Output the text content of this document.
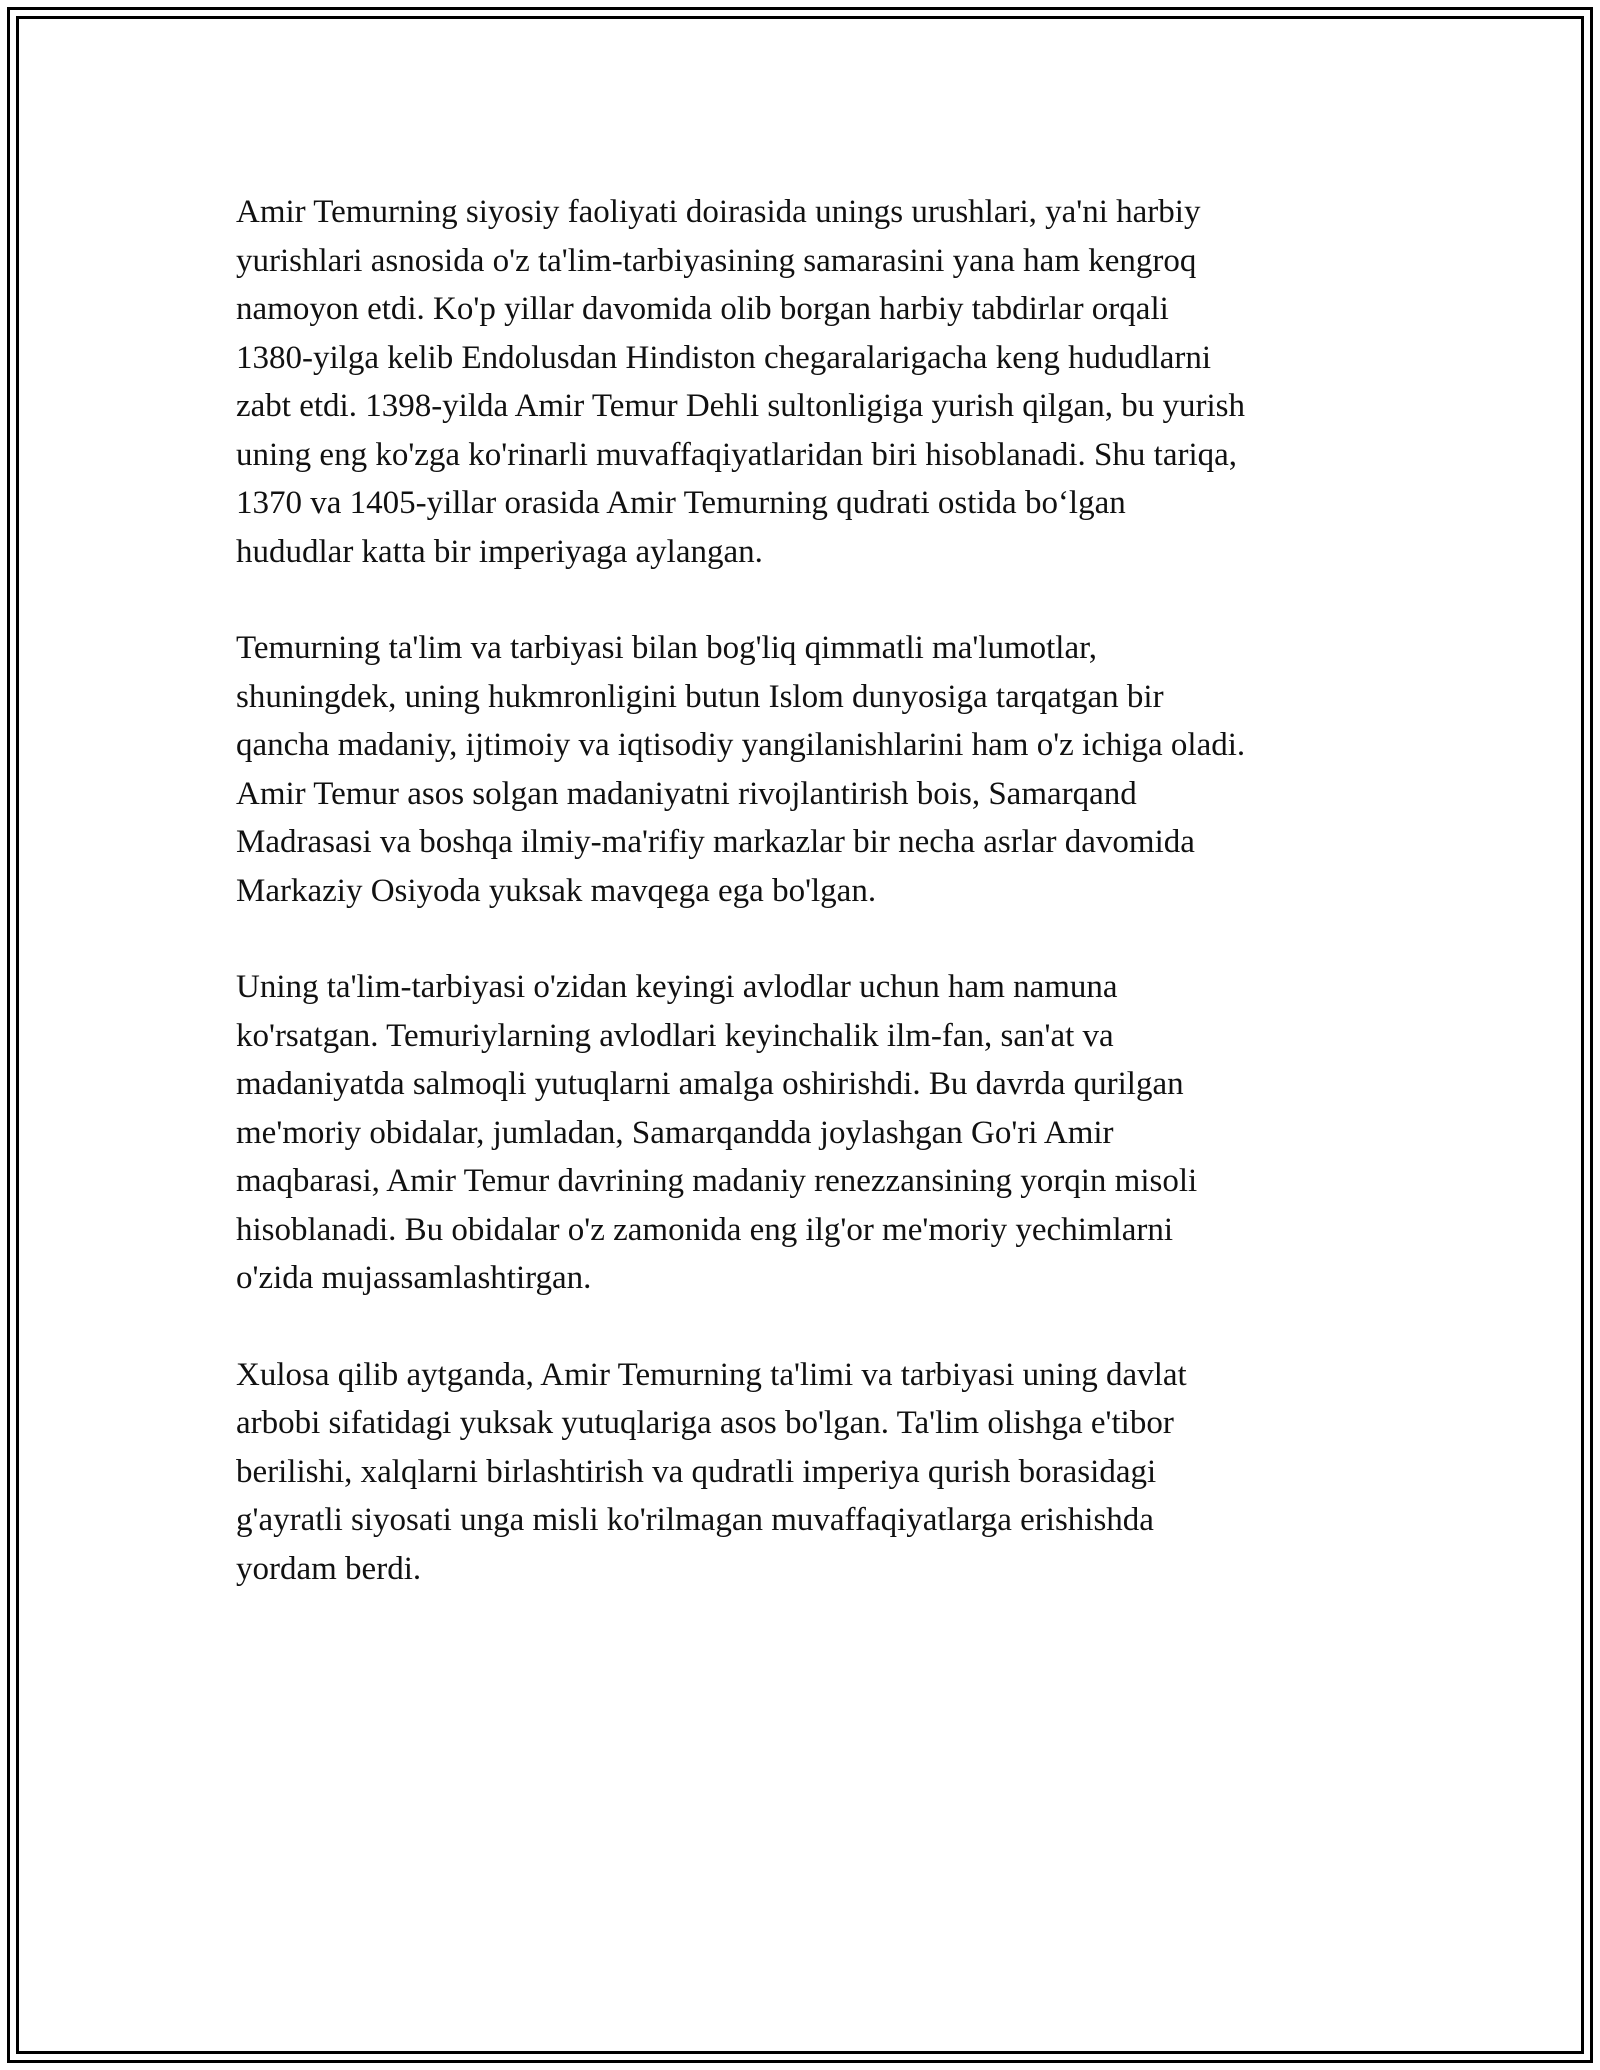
Amir Temurning siyosiy faoliyati doirasida unings urushlari, ya'ni harbiy
yurishlari asnosida o'z ta'lim-tarbiyasining samarasini yana ham kengroq
namoyon etdi. Ko'p yillar davomida olib borgan harbiy tabdirlar orqali
1380-yilga kelib Endolusdan Hindiston chegaralarigacha keng hududlarni
zabt etdi. 1398-yilda Amir Temur Dehli sultonligiga yurish qilgan, bu yurish
uning eng ko'zga ko'rinarli muvaffaqiyatlaridan biri hisoblanadi. Shu tariqa,
1370 va 1405-yillar orasida Amir Temurning qudrati ostida bo‘lgan
hududlar katta bir imperiyaga aylangan.

Temurning ta'lim va tarbiyasi bilan bog'liq qimmatli ma'lumotlar,
shuningdek, uning hukmronligini butun Islom dunyosiga tarqatgan bir
qancha madaniy, ijtimoiy va iqtisodiy yangilanishlarini ham o'z ichiga oladi.
Amir Temur asos solgan madaniyatni rivojlantirish bois, Samarqand
Madrasasi va boshqa ilmiy-ma'rifiy markazlar bir necha asrlar davomida
Markaziy Osiyoda yuksak mavqega ega bo'lgan.

Uning ta'lim-tarbiyasi o'zidan keyingi avlodlar uchun ham namuna
ko'rsatgan. Temuriylarning avlodlari keyinchalik ilm-fan, san'at va
madaniyatda salmoqli yutuqlarni amalga oshirishdi. Bu davrda qurilgan
me'moriy obidalar, jumladan, Samarqandda joylashgan Go'ri Amir
maqbarasi, Amir Temur davrining madaniy renezzansining yorqin misoli
hisoblanadi. Bu obidalar o'z zamonida eng ilg'or me'moriy yechimlarni
o'zida mujassamlashtirgan.

Xulosa qilib aytganda, Amir Temurning ta'limi va tarbiyasi uning davlat
arbobi sifatidagi yuksak yutuqlariga asos bo'lgan. Ta'lim olishga e'tibor
berilishi, xalqlarni birlashtirish va qudratli imperiya qurish borasidagi
g'ayratli siyosati unga misli ko'rilmagan muvaffaqiyatlarga erishishda
yordam berdi.
